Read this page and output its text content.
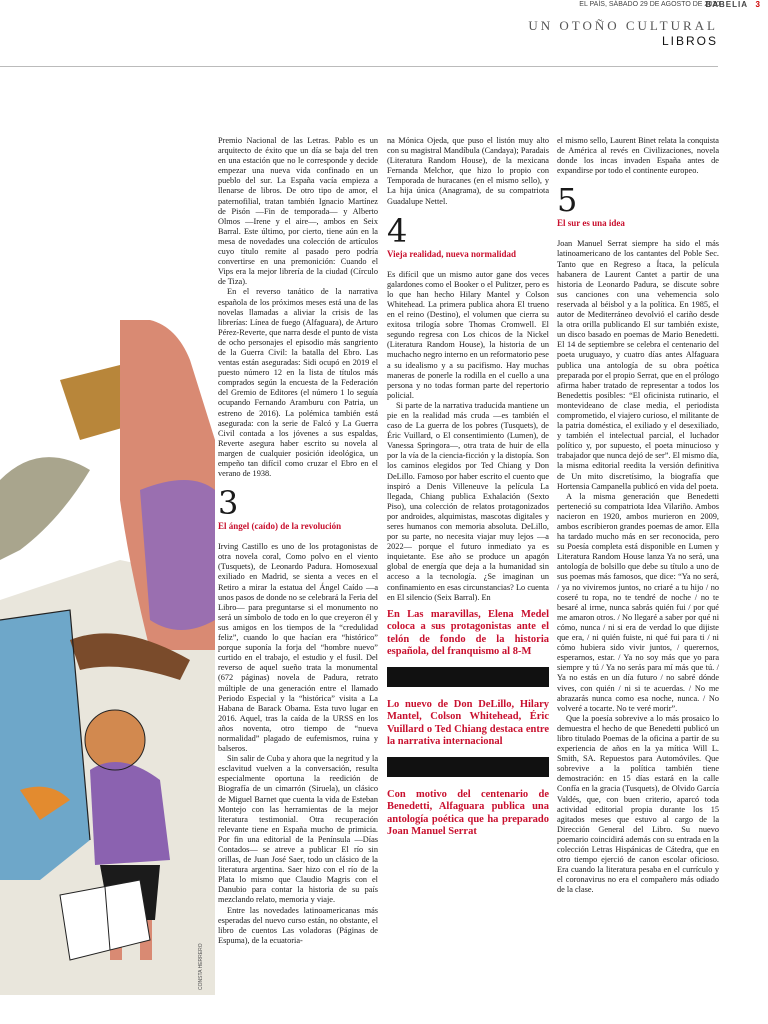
EL PAÍS, SÁBADO 29 DE AGOSTO DE 2020
BABELIA 3
UN OTOÑO CULTURAL
LIBROS
CONSTA HERRERO

Premio Nacional de las Letras. Pablo es un arquitecto de éxito que un día se baja del tren en una estación que no le corresponde y decide empezar una nueva vida confinado en un pueblo del sur. La España vacía empieza a llenarse de libros. De otro tipo de amor, el paternofilial, tratan también Ignacio Martínez de Pisón —Fin de temporada— y Alberto Olmos —Irene y el aire—, ambos en Seix Barral. Este último, por cierto, tiene aún en la mesa de novedades una colección de artículos cuyo título remite al pasado pero podría convertirse en una premonición: Cuando el Vips era la mejor librería de la ciudad (Círculo de Tiza).

En el reverso tanático de la narrativa española de los próximos meses está una de las novelas llamadas a aliviar la crisis de las librerías: Línea de fuego (Alfaguara), de Arturo Pérez-Reverte, que narra desde el punto de vista de ocho personajes el episodio más sangriento de la Guerra Civil: la batalla del Ebro. Las ventas están aseguradas: Sidi ocupó en 2019 el puesto número 12 en la lista de títulos más comprados según la encuesta de la Federación del Gremio de Editores (el número 1 lo seguía ocupando Fernando Aramburu con Patria, un estreno de 2016). La polémica también está asegurada: con la serie de Falcó y La Guerra Civil contada a los jóvenes a sus espaldas, Reverte asegura haber escrito su novela al margen de cualquier posición ideológica, un empeño tan difícil como cruzar el Ebro en el verano de 1938.

3
El ángel (caído) de la revolución

Irving Castillo es uno de los protagonistas de otra novela coral, Como polvo en el viento (Tusquets), de Leonardo Padura. Homosexual exiliado en Madrid, se sienta a veces en el Retiro a mirar la estatua del Ángel Caído —a unos pasos de donde no se celebrará la Feria del Libro— para preguntarse si el monumento no será un símbolo de todo en lo que creyeron él y sus amigos en los tiempos de la “credulidad feliz”, cuando lo que hacían era “histórico” porque suponía la forja del “hombre nuevo” curtido en el trabajo, el estudio y el fusil. Del reverso de aquel sueño trata la monumental (672 páginas) novela de Padura, retrato múltiple de una generación entre el llamado Periodo Especial y la “histórica” visita a La Habana de Barack Obama. Esta tuvo lugar en 2016. Aquel, tras la caída de la URSS en los años noventa, otro tiempo de “nueva normalidad” plagado de eufemismos, ruina y balseros.

Sin salir de Cuba y ahora que la negritud y la esclavitud vuelven a la conversación, resulta especialmente oportuna la reedición de Biografía de un cimarrón (Siruela), un clásico de Miguel Barnet que cuenta la vida de Esteban Montejo con las herramientas de la mejor literatura testimonial. Otra recuperación relevante tiene en España mucho de primicia. Por fin una editorial de la Península —Días Contados— se atreve a publicar El río sin orillas, de Juan José Saer, todo un clásico de la literatura argentina. Saer hizo con el río de la Plata lo mismo que Claudio Magris con el Danubio para contar la historia de su país mezclando relato, memoria y viaje.

Entre las novedades latinoamericanas más esperadas del nuevo curso están, no obstante, el libro de cuentos Las voladoras (Páginas de Espuma), de la ecuatoria-

na Mónica Ojeda, que puso el listón muy alto con su magistral Mandíbula (Candaya); Paradais (Literatura Random House), de la mexicana Fernanda Melchor, que hizo lo propio con Temporada de huracanes (en el mismo sello), y La hija única (Anagrama), de su compatriota Guadalupe Nettel.

4
Vieja realidad, nueva normalidad

Es difícil que un mismo autor gane dos veces galardones como el Booker o el Pulitzer, pero es lo que han hecho Hilary Mantel y Colson Whitehead. La primera publica ahora El trueno en el reino (Destino), el volumen que cierra su exitosa trilogía sobre Thomas Cromwell. El segundo regresa con Los chicos de la Nickel (Literatura Random House), la historia de un muchacho negro interno en un reformatorio pese a su idealismo y a su pacifismo. Hay muchas maneras de ponerle la rodilla en el cuello a una persona y no todas forman parte del repertorio policial.

Si parte de la narrativa traducida mantiene un pie en la realidad más cruda —es también el caso de La guerra de los pobres (Tusquets), de Éric Vuillard, o El consentimiento (Lumen), de Vanessa Springora—, otra trata de huir de ella por la vía de la ciencia-ficción y la distopía. Son los caminos elegidos por Ted Chiang y Don DeLillo. Famoso por haber escrito el cuento que inspiró a Denis Villeneuve la película La llegada, Chiang publica Exhalación (Sexto Piso), una colección de relatos protagonizados por androides, alquimistas, mascotas digitales y seres humanos con memoria absoluta. DeLillo, por su parte, no necesita viajar muy lejos —a 2022— porque el futuro inmediato ya es inquietante. Ese año se produce un apagón global de energía que deja a la humanidad sin acceso a la tecnología. ¿Se imaginan un confinamiento en esas circunstancias? Lo cuenta en El silencio (Seix Barral). En

En Las maravillas, Elena Medel coloca a sus protagonistas ante el telón de fondo de la historia española, del franquismo al 8-M
Lo nuevo de Don DeLillo, Hilary Mantel, Colson Whitehead, Éric Vuillard o Ted Chiang destaca entre la narrativa internacional
Con motivo del centenario de Benedetti, Alfaguara publica una antología poética que ha preparado Joan Manuel Serrat

el mismo sello, Laurent Binet relata la conquista de América al revés en Civilizaciones, novela donde los incas invaden España antes de expandirse por todo el continente europeo.

5
El sur es una idea

Joan Manuel Serrat siempre ha sido el más latinoamericano de los cantantes del Poble Sec. Tanto que en Regreso a Ítaca, la película habanera de Laurent Cantet a partir de una historia de Leonardo Padura, se discute sobre sus canciones con una vehemencia solo reservada al béisbol y a la política. En 1985, el autor de Mediterráneo devolvió el cariño desde la otra orilla publicando El sur también existe, un disco basado en poemas de Mario Benedetti. El 14 de septiembre se celebra el centenario del poeta uruguayo, y cuatro días antes Alfaguara publica una antología de su obra poética preparada por el propio Serrat, que en el prólogo afirma haber tratado de representar a todos los Benedettis posibles: “El oficinista rutinario, el montevideano de clase media, el periodista comprometido, el viajero curioso, el militante de la patria doméstica, el exiliado y el desexiliado, y también el intelectual parcial, el luchador político y, por supuesto, el poeta minucioso y trabajador que nunca dejó de ser”. El mismo día, la misma editorial reedita la versión definitiva de Un mito discretísimo, la biografía que Hortensia Campanella publicó en vida del poeta.

A la misma generación que Benedetti perteneció su compatriota Idea Vilariño. Ambos nacieron en 1920, ambos murieron en 2009, ambos escribieron grandes poemas de amor. Ella ha tardado mucho más en ser reconocida, pero su Poesía completa está disponible en Lumen y Literatura Random House lanza Ya no será, una antología de bolsillo que debe su título a uno de sus poemas más famosos, que dice: “Ya no será, / ya no viviremos juntos, no criaré a tu hijo / no coseré tu ropa, no te tendré de noche / no te besaré al irme, nunca sabrás quién fui / por qué me amaron otros. / No llegaré a saber por qué ni cómo, nunca / ni si era de verdad lo que dijiste que era, / ni quién fuiste, ni qué fui para ti / ni cómo hubiera sido vivir juntos, / querernos, esperarnos, estar. / Ya no soy más que yo para siempre y tú / Ya no serás para mí más que tú. / Ya no estás en un día futuro / no sabré dónde vives, con quién / ni si te acuerdas. / No me abrazarás nunca como esa noche, nunca. / No volveré a tocarte. No te veré morir”.

Que la poesía sobrevive a lo más prosaico lo demuestra el hecho de que Benedetti publicó un libro titulado Poemas de la oficina a partir de su experiencia de años en la ya mítica Will L. Smith, SA. Repuestos para Automóviles. Que sobrevive a la política también tiene demostración: en 15 días estará en la calle Confía en la gracia (Tusquets), de Olvido García Valdés, que, con buen criterio, aparcó toda actividad editorial propia durante los 15 agitados meses que estuvo al cargo de la Dirección General del Libro. Su nuevo poemario coincidirá además con su entrada en la colección Letras Hispánicas de Cátedra, que en otro tiempo ejerció de canon escolar oficioso. Era cuando la literatura pesaba en el currículo y el coronavirus no era el compañero más odiado de la clase.
